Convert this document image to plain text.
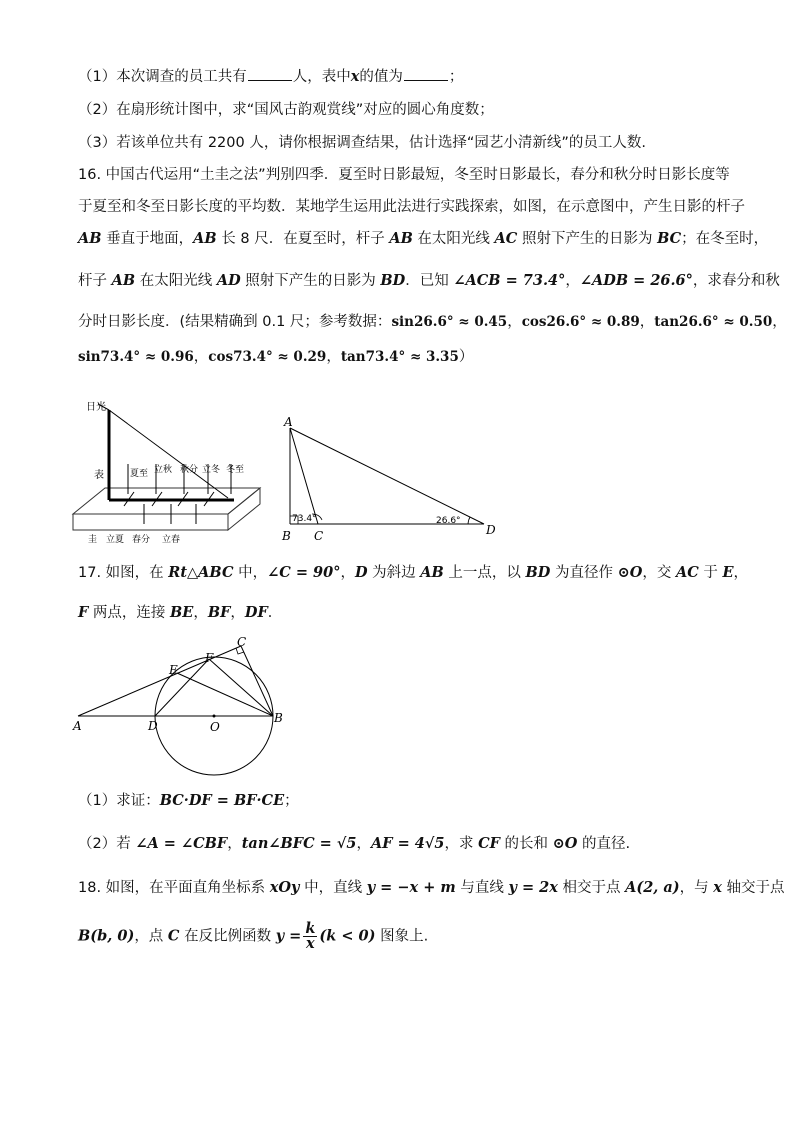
（1）本次调查的员工共有	人，表中x的值为	；
（2）在扇形统计图中，求“国风古韵观赏线”对应的圆心角度数；
（3）若该单位共有 2200 人，请你根据调查结果，估计选择“园艺小清新线”的员工人数.
16. 中国古代运用“土圭之法”判别四季．夏至时日影最短，冬至时日影最长，春分和秋分时日影长度等
于夏至和冬至日影长度的平均数．某地学生运用此法进行实践探索，如图，在示意图中，产生日影的杆子
AB 垂直于地面，AB 长 8 尺．在夏至时，杆子 AB 在太阳光线 AC 照射下产生的日影为 BC；在冬至时，
杆子 AB 在太阳光线 AD 照射下产生的日影为 BD．已知 ∠ACB = 73.4°，∠ADB = 26.6°，求春分和秋
分时日影长度．(结果精确到 0.1 尺；参考数据：sin26.6° ≈ 0.45，cos26.6° ≈ 0.89，tan26.6° ≈ 0.50，
sin73.4° ≈ 0.96，cos73.4° ≈ 0.29，tan73.4° ≈ 3.35）
日光
表	夏至 立秋 秋分 立冬 冬至
圭 立夏 春分 立春
A
B C	D
73.4°	26.6°
17. 如图，在 Rt△ABC 中，∠C = 90°，D 为斜边 AB 上一点，以 BD 为直径作 ⊙O，交 AC 于 E，
F 两点，连接 BE，BF，DF．
A
B
C
D
E
F
O
（1）求证：BC·DF = BF·CE；
（2）若 ∠A = ∠CBF，tan∠BFC = √5，AF = 4√5，求 CF 的长和 ⊙O 的直径.
18. 如图，在平面直角坐标系 xOy 中，直线 y = −x + m 与直线 y = 2x 相交于点 A(2, a)，与 x 轴交于点
B(b, 0)，点 C 在反比例函数 $y = \frac{k}{x} (k < 0)$ 图象上.
